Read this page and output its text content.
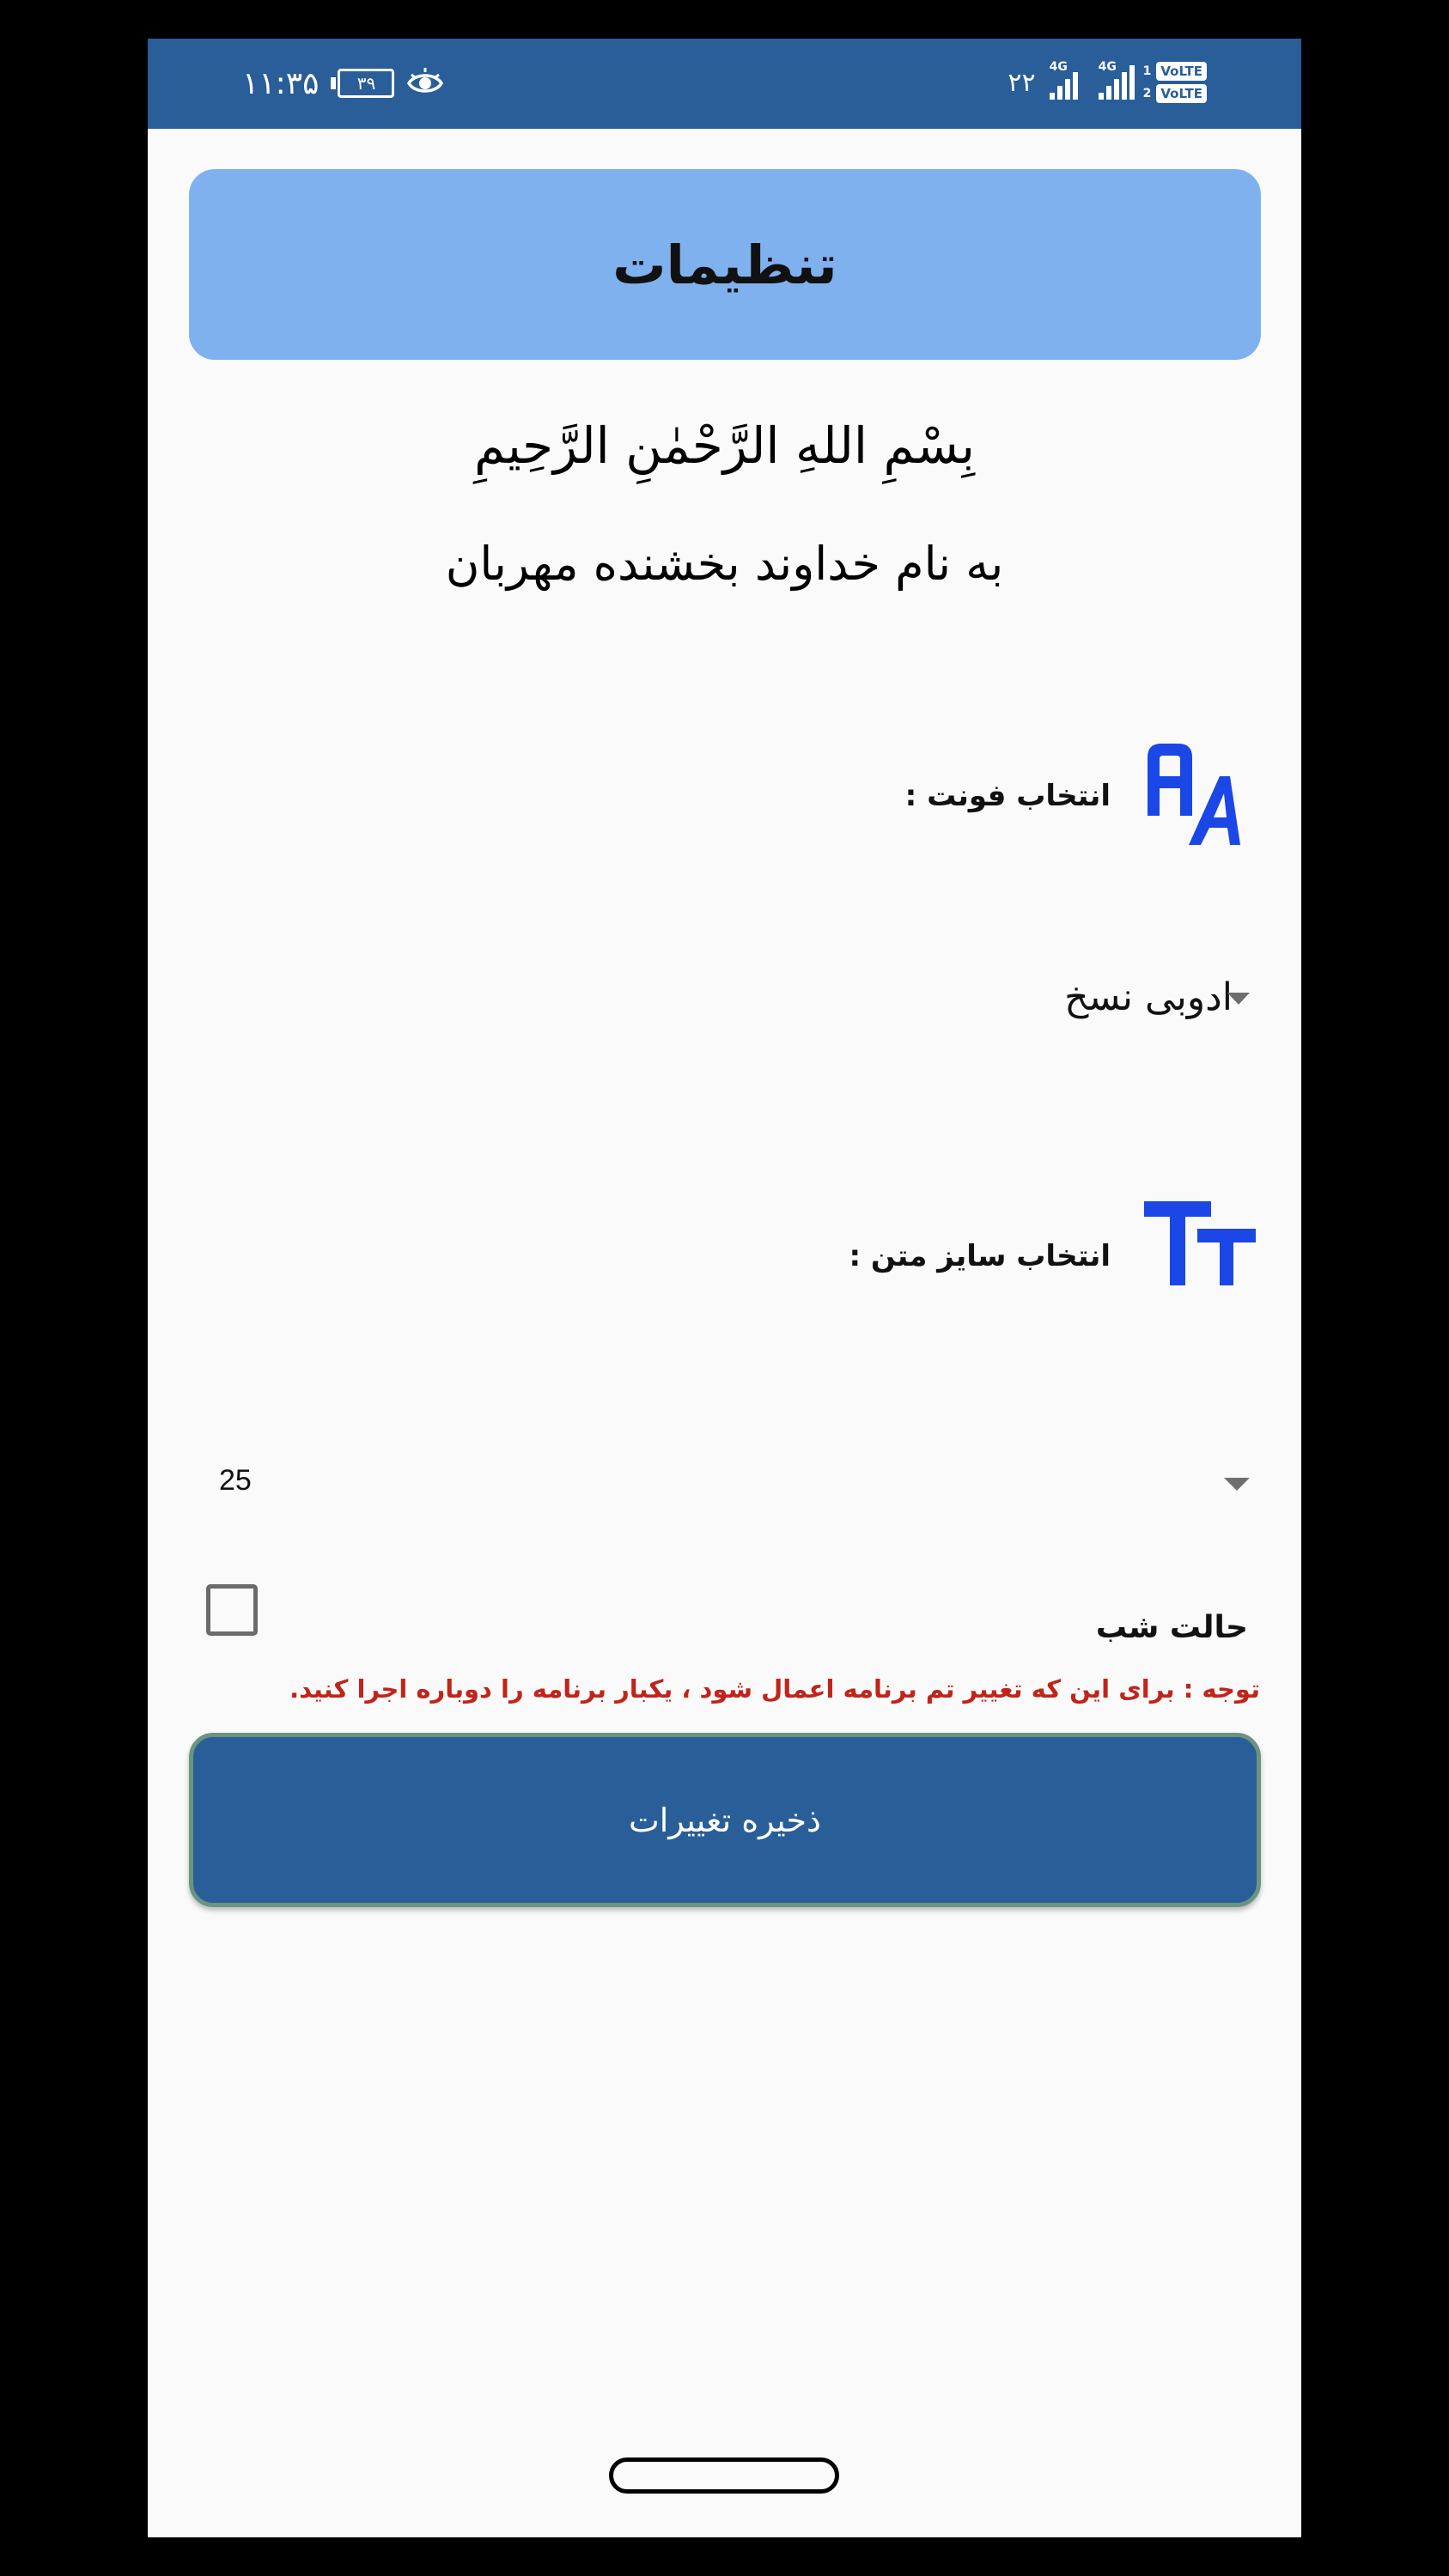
۱۱:۳۵	۳۹	۲۲
4G	4G 1 VoLTE
2 VoLTE
تنظیمات
بِسْمِ اللهِ الرَّحْمٰنِ الرَّحِیمِ
به نام خداوند بخشنده مهربان
انتخاب فونت :
ادوبی نسخ
انتخاب سایز متن :
25
حالت شب
توجه : برای این که تغییر تم برنامه اعمال شود ، یکبار برنامه را دوباره اجرا کنید.
ذخیره تغییرات
